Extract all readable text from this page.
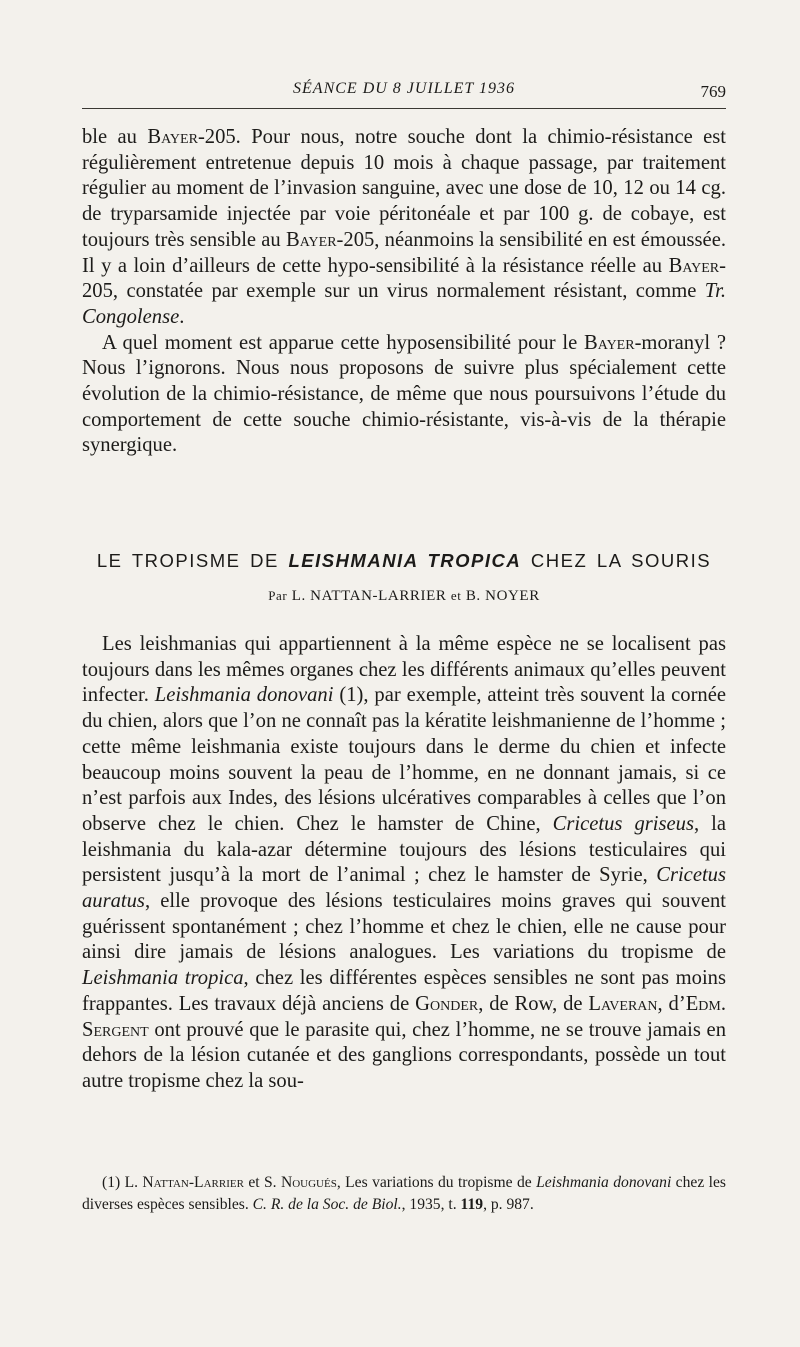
SÉANCE DU 8 JUILLET 1936	769

ble au Bayer-205. Pour nous, notre souche dont la chimio-résistance est régulièrement entretenue depuis 10 mois à chaque passage, par traitement régulier au moment de l’invasion sanguine, avec une dose de 10, 12 ou 14 cg. de tryparsamide injectée par voie péritonéale et par 100 g. de cobaye, est toujours très sensible au Bayer-205, néanmoins la sensibilité en est émoussée. Il y a loin d’ailleurs de cette hypo-sensibilité à la résistance réelle au Bayer-205, constatée par exemple sur un virus normalement résistant, comme Tr. Congolense.

A quel moment est apparue cette hyposensibilité pour le Bayer-moranyl ? Nous l’ignorons. Nous nous proposons de suivre plus spécialement cette évolution de la chimio-résistance, de même que nous poursuivons l’étude du comportement de cette souche chimio-résistante, vis-à-vis de la thérapie synergique.

LE TROPISME DE LEISHMANIA TROPICA CHEZ LA SOURIS
Par L. NATTAN-LARRIER et B. NOYER

Les leishmanias qui appartiennent à la même espèce ne se localisent pas toujours dans les mêmes organes chez les différents animaux qu’elles peuvent infecter. Leishmania donovani (1), par exemple, atteint très souvent la cornée du chien, alors que l’on ne connaît pas la kératite leishmanienne de l’homme ; cette même leishmania existe toujours dans le derme du chien et infecte beaucoup moins souvent la peau de l’homme, en ne donnant jamais, si ce n’est parfois aux Indes, des lésions ulcératives comparables à celles que l’on observe chez le chien. Chez le hamster de Chine, Cricetus griseus, la leishmania du kala-azar détermine toujours des lésions testiculaires qui persistent jusqu’à la mort de l’animal ; chez le hamster de Syrie, Cricetus auratus, elle provoque des lésions testiculaires moins graves qui souvent guérissent spontanément ; chez l’homme et chez le chien, elle ne cause pour ainsi dire jamais de lésions analogues. Les variations du tropisme de Leishmania tropica, chez les différentes espèces sensibles ne sont pas moins frappantes. Les travaux déjà anciens de Gonder, de Row, de Laveran, d’Edm. Sergent ont prouvé que le parasite qui, chez l’homme, ne se trouve jamais en dehors de la lésion cutanée et des ganglions correspondants, possède un tout autre tropisme chez la sou-

(1) L. Nattan-Larrier et S. Nougués, Les variations du tropisme de Leishmania donovani chez les diverses espèces sensibles. C. R. de la Soc. de Biol., 1935, t. 119, p. 987.
